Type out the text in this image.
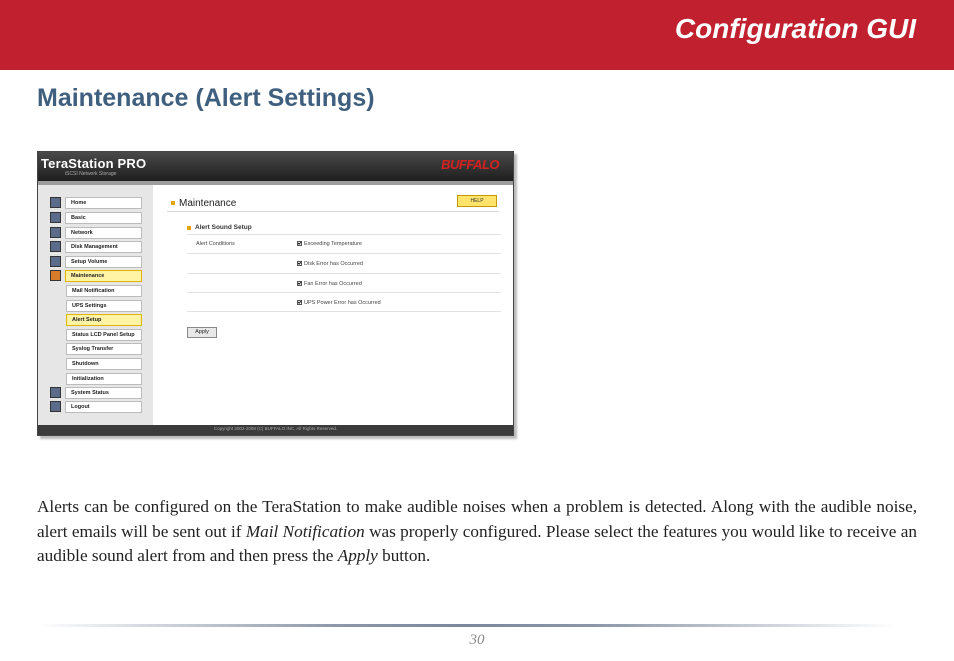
Configuration GUI
Maintenance (Alert Settings)
TeraStation PRO
iSCSI Network Storage
BUFFALO
Home
Basic
Network
Disk Management
Setup Volume
Maintenance
Mail Notification
UPS Settings
Alert Setup
Status LCD Panel Setup
Syslog Transfer
Shutdown
Initialization
System Status
Logout
Maintenance	HELP
Alert Sound Setup
Alert Conditions	Exceeding Temperature
Disk Error has Occurred
Fan Error has Occurred
UPS Power Error has Occurred
Apply
Copyright 2002-2008 (C) BUFFALO INC. All Rights Reserved.

Alerts can be configured on the TeraStation to make audible noises when a problem is detected. Along with the audible noise, alert emails will be sent out if Mail Notification was properly configured. Please select the features you would like to receive an audible sound alert from and then press the Apply button.

30
